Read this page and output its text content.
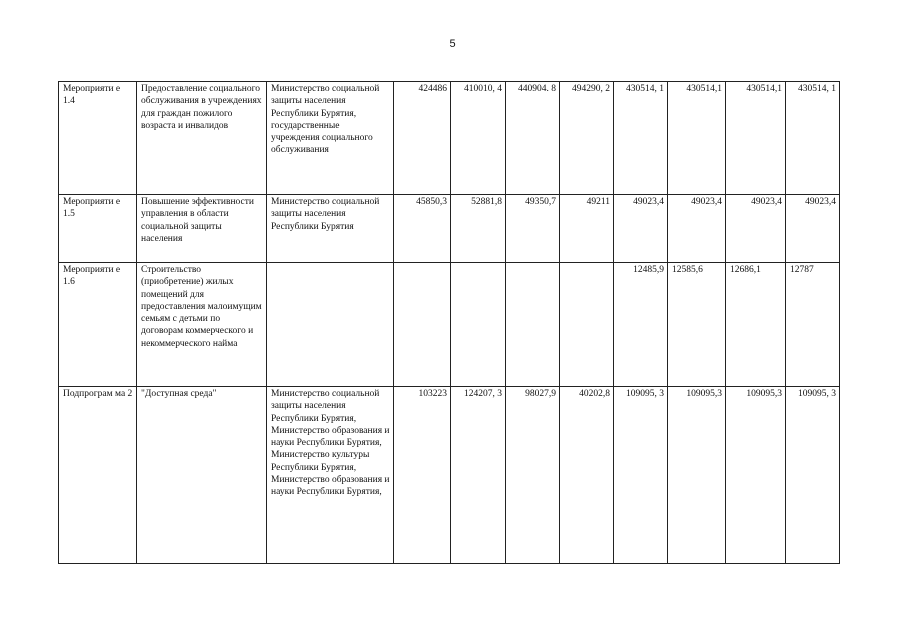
5
Мероприяти е 1.4	Предоставление социального обслуживания в учреждениях для граждан пожилого возраста и инвалидов	Министерство социальной защиты населения Республики Бурятия, государственные учреждения социального обслуживания	424486	410010, 4	440904. 8	494290, 2	430514, 1	430514,1	430514,1	430514, 1
Мероприяти е 1.5	Повышение эффективности управления в области социальной защиты населения	Министерство социальной защиты населения Республики Бурятия	45850,3	52881,8	49350,7	49211	49023,4	49023,4	49023,4	49023,4
Мероприяти е 1.6	Строительство (приобретение) жилых помещений для предоставления малоимущим семьям с детьми по договорам коммерческого и некоммерческого найма						12485,9	12585,6	12686,1	12787
Подпрограм ма 2	"Доступная среда"	Министерство социальной защиты населения Республики Бурятия, Министерство образования и науки Республики Бурятия, Министерство культуры Республики Бурятия, Министерство образования и науки Республики Бурятия,	103223	124207, 3	98027,9	40202,8	109095, 3	109095,3	109095,3	109095, 3
